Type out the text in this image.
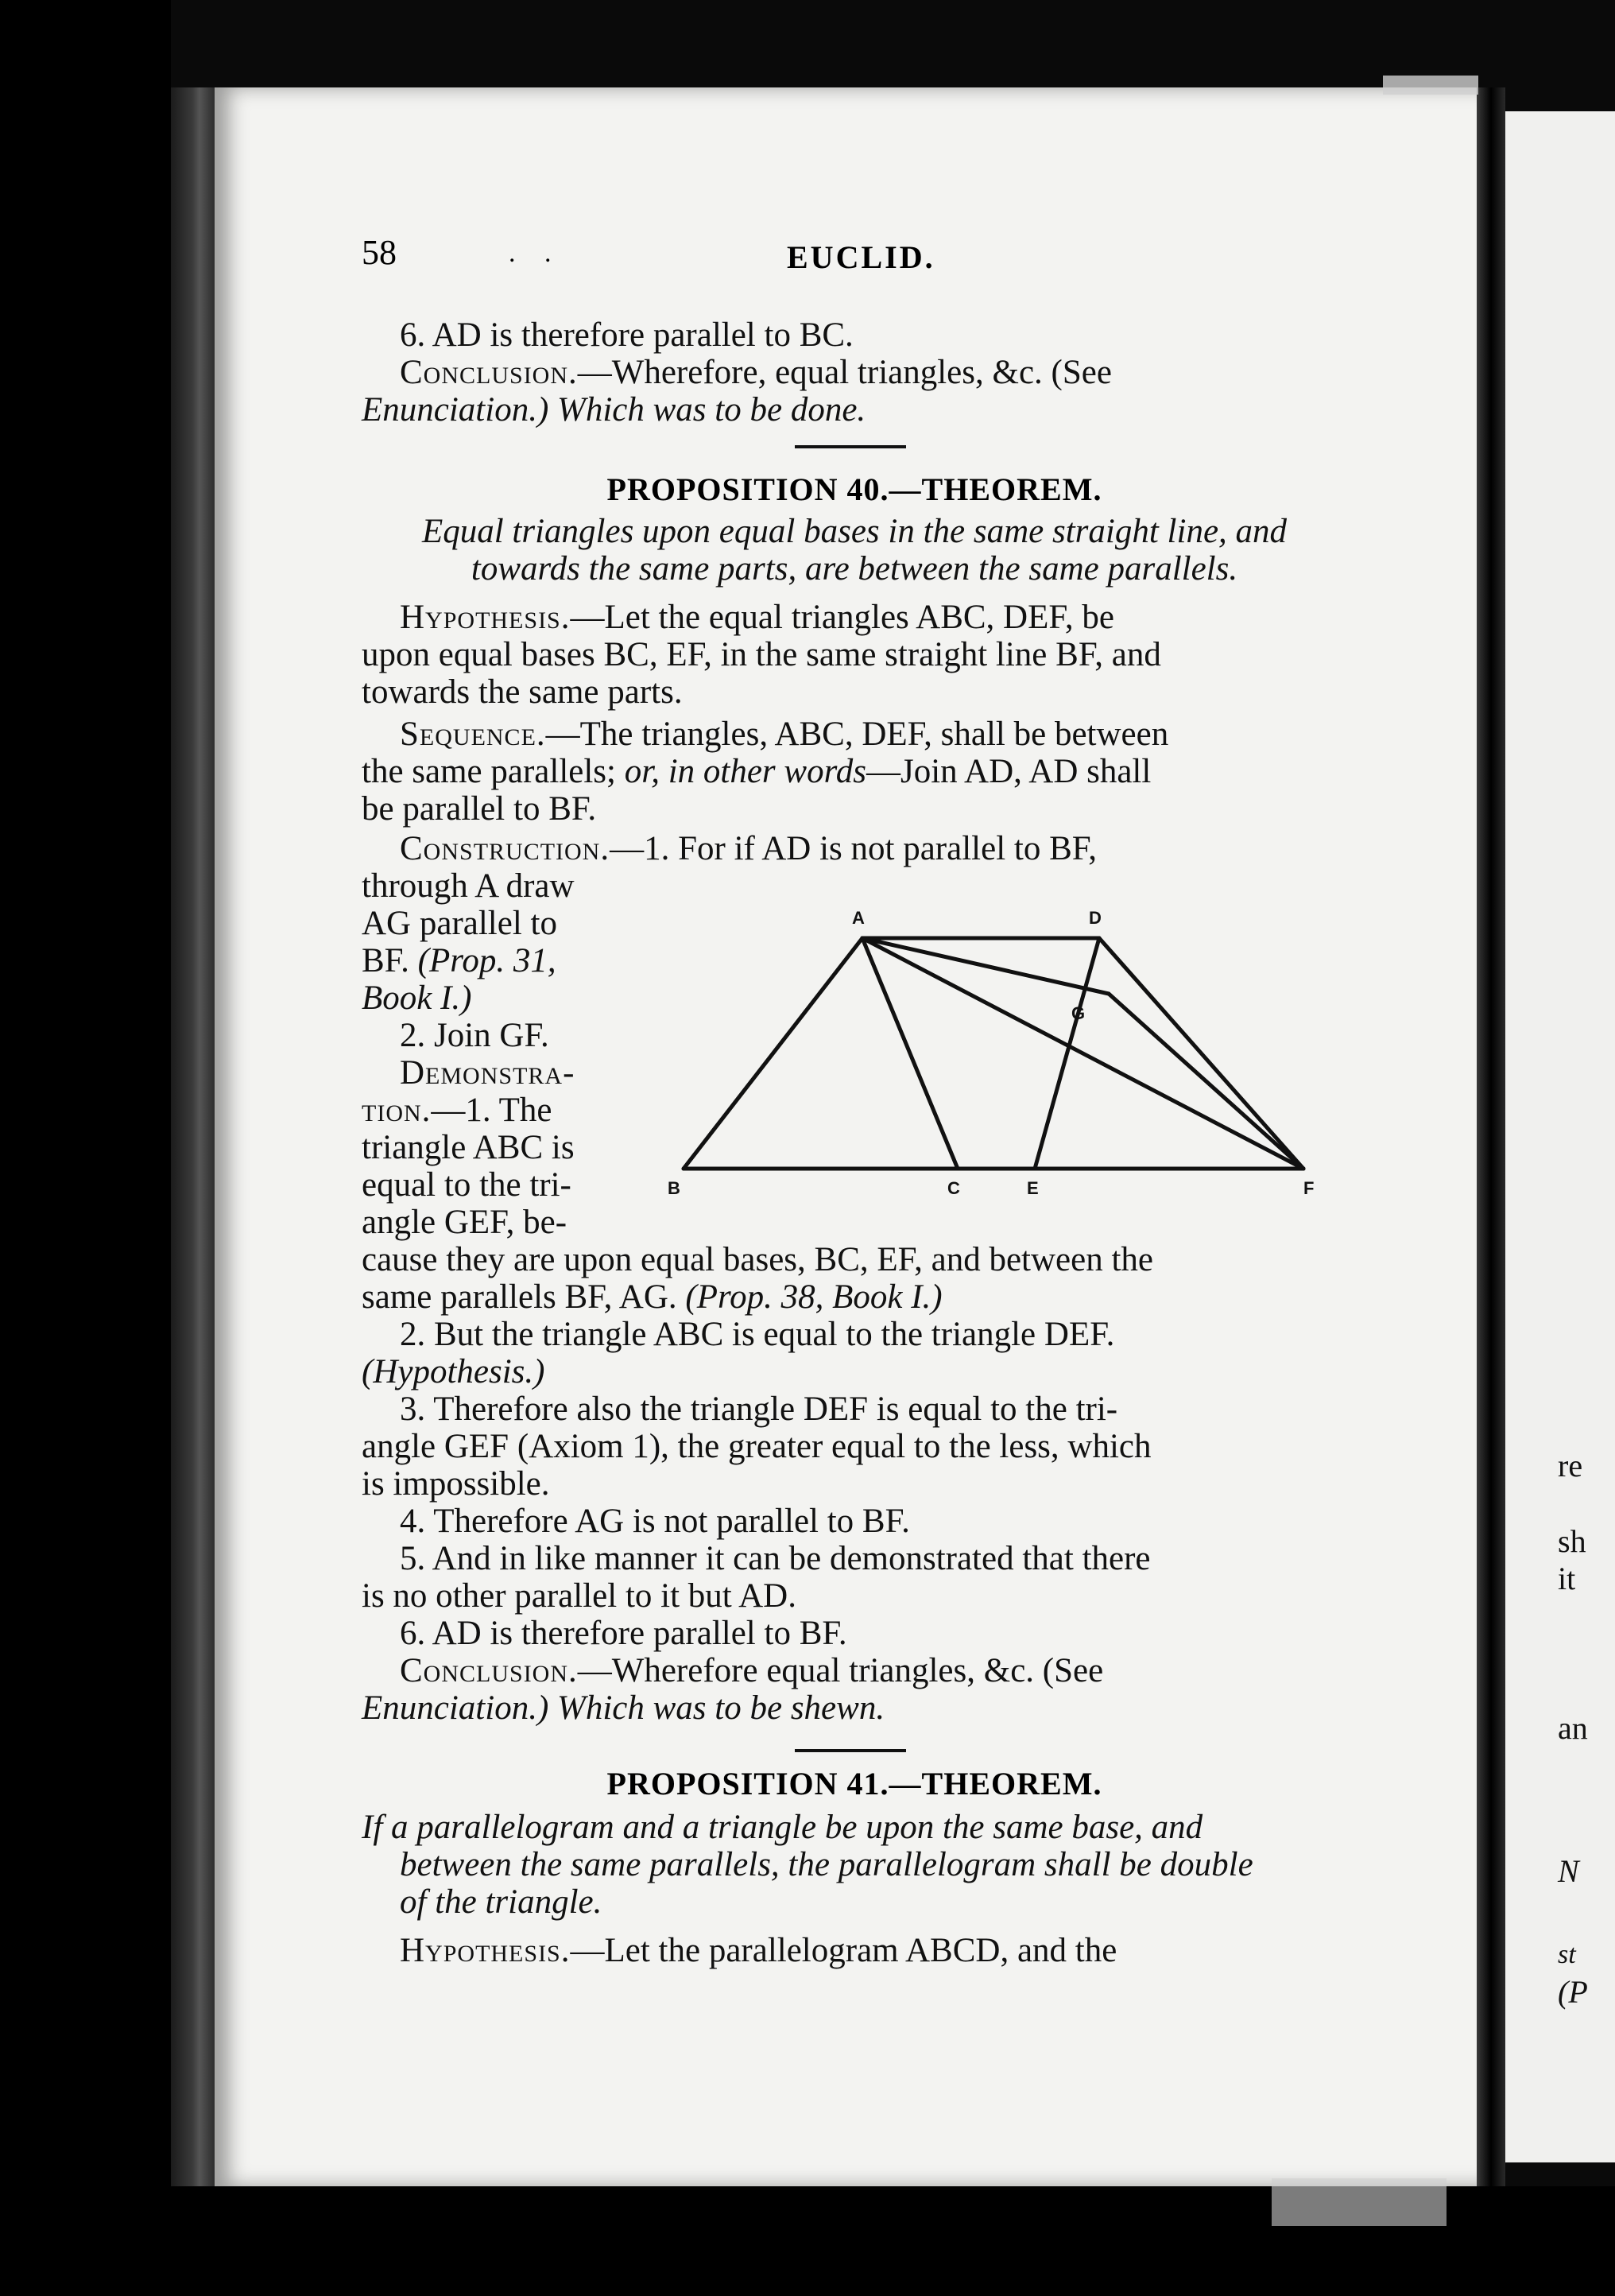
58	. .	EUCLID.
6. AD is therefore parallel to BC.
Conclusion.—Wherefore, equal triangles, &c. (See
Enunciation.) Which was to be done.
PROPOSITION 40.—THEOREM.
Equal triangles upon equal bases in the same straight line, and
towards the same parts, are between the same parallels.
Hypothesis.—Let the equal triangles ABC, DEF, be
upon equal bases BC, EF, in the same straight line BF, and
towards the same parts.
Sequence.—The triangles, ABC, DEF, shall be between
the same parallels; or, in other words—Join AD, AD shall
be parallel to BF.
Construction.—1. For if AD is not parallel to BF,
through A draw
AG parallel to
BF. (Prop. 31,
Book I.)
2. Join GF.
Demonstra-
tion.—1. The
triangle ABC is
equal to the tri-
angle GEF, be-
A	D
G
B	C	E	F
cause they are upon equal bases, BC, EF, and between the
same parallels BF, AG. (Prop. 38, Book I.)
2. But the triangle ABC is equal to the triangle DEF.
(Hypothesis.)
3. Therefore also the triangle DEF is equal to the tri-
angle GEF (Axiom 1), the greater equal to the less, which
is impossible.
4. Therefore AG is not parallel to BF.
5. And in like manner it can be demonstrated that there
is no other parallel to it but AD.
6. AD is therefore parallel to BF.
Conclusion.—Wherefore equal triangles, &c. (See
Enunciation.) Which was to be shewn.
PROPOSITION 41.—THEOREM.
If a parallelogram and a triangle be upon the same base, and
between the same parallels, the parallelogram shall be double
of the triangle.
Hypothesis.—Let the parallelogram ABCD, and the
re
sh
it
an
N
st
(P
